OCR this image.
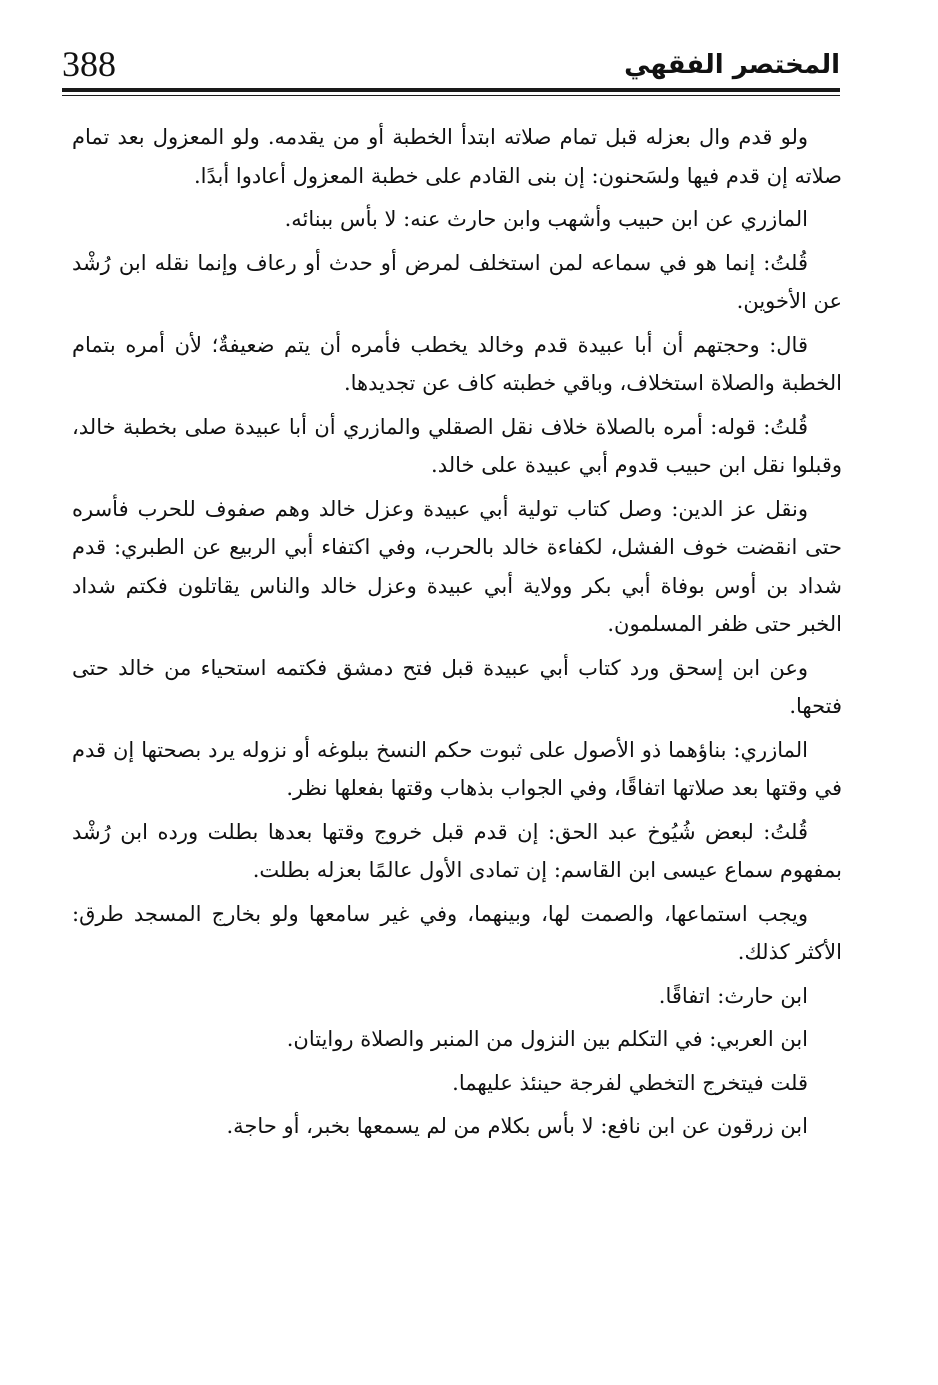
388	المختصر الفقهي

ولو قدم وال بعزله قبل تمام صلاته ابتدأ الخطبة أو من يقدمه. ولو المعزول بعد تمام صلاته إن قدم فيها ولسَحنون: إن بنى القادم على خطبة المعزول أعادوا أبدًا.

المازري عن ابن حبيب وأشهب وابن حارث عنه: لا بأس ببنائه.

قُلتُ: إنما هو في سماعه لمن استخلف لمرض أو حدث أو رعاف وإنما نقله ابن رُشْد عن الأخوين.

قال: وحجتهم أن أبا عبيدة قدم وخالد يخطب فأمره أن يتم ضعيفةٌ؛ لأن أمره بتمام الخطبة والصلاة استخلاف، وباقي خطبته كاف عن تجديدها.

قُلتُ: قوله: أمره بالصلاة خلاف نقل الصقلي والمازري أن أبا عبيدة صلى بخطبة خالد، وقبلوا نقل ابن حبيب قدوم أبي عبيدة على خالد.

ونقل عز الدين: وصل كتاب تولية أبي عبيدة وعزل خالد وهم صفوف للحرب فأسره حتى انقضت خوف الفشل، لكفاءة خالد بالحرب، وفي اكتفاء أبي الربيع عن الطبري: قدم شداد بن أوس بوفاة أبي بكر وولاية أبي عبيدة وعزل خالد والناس يقاتلون فكتم شداد الخبر حتى ظفر المسلمون.

وعن ابن إسحق ورد كتاب أبي عبيدة قبل فتح دمشق فكتمه استحياء من خالد حتى فتحها.

المازري: بناؤهما ذو الأصول على ثبوت حكم النسخ ببلوغه أو نزوله يرد بصحتها إن قدم في وقتها بعد صلاتها اتفاقًا، وفي الجواب بذهاب وقتها بفعلها نظر.

قُلتُ: لبعض شُيُوخ عبد الحق: إن قدم قبل خروج وقتها بعدها بطلت ورده ابن رُشْد بمفهوم سماع عيسى ابن القاسم: إن تمادى الأول عالمًا بعزله بطلت.

ويجب استماعها، والصمت لها، وبينهما، وفي غير سامعها ولو بخارج المسجد طرق: الأكثر كذلك.

ابن حارث: اتفاقًا.

ابن العربي: في التكلم بين النزول من المنبر والصلاة روايتان.

قلت فيتخرج التخطي لفرجة حينئذ عليهما.

ابن زرقون عن ابن نافع: لا بأس بكلام من لم يسمعها بخبر، أو حاجة.
